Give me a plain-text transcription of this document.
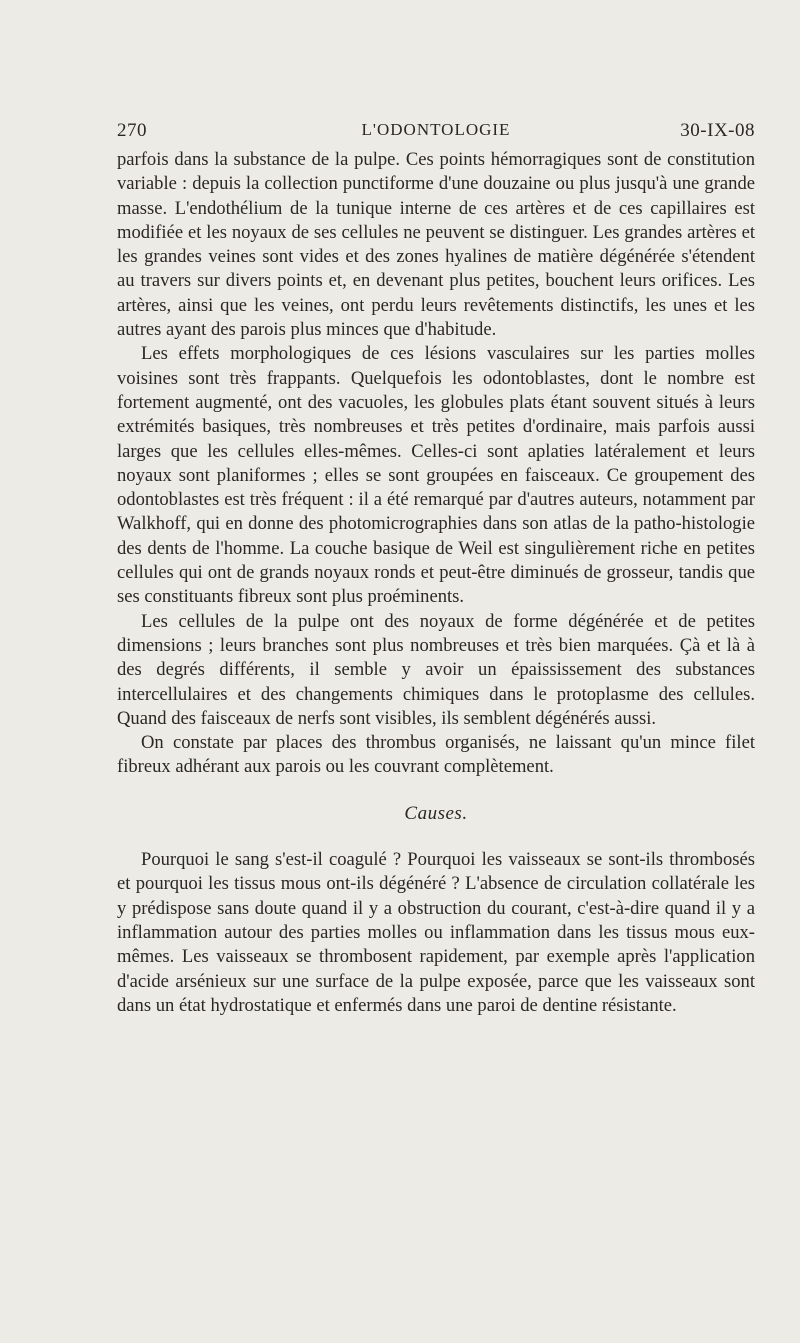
270	L'ODONTOLOGIE	30-IX-08

parfois dans la substance de la pulpe. Ces points hémorragiques sont de constitution variable : depuis la collection punctiforme d'une douzaine ou plus jusqu'à une grande masse. L'endothélium de la tunique interne de ces artères et de ces capillaires est modifiée et les noyaux de ses cellules ne peuvent se distinguer. Les grandes artères et les grandes veines sont vides et des zones hyalines de matière dégénérée s'étendent au travers sur divers points et, en devenant plus petites, bouchent leurs orifices. Les artères, ainsi que les veines, ont perdu leurs revêtements distinctifs, les unes et les autres ayant des parois plus minces que d'habitude.

Les effets morphologiques de ces lésions vasculaires sur les parties molles voisines sont très frappants. Quelquefois les odontoblastes, dont le nombre est fortement augmenté, ont des vacuoles, les globules plats étant souvent situés à leurs extrémités basiques, très nombreuses et très petites d'ordinaire, mais parfois aussi larges que les cellules elles-mêmes. Celles-ci sont aplaties latéralement et leurs noyaux sont planiformes ; elles se sont groupées en faisceaux. Ce groupement des odontoblastes est très fréquent : il a été remarqué par d'autres auteurs, notamment par Walkhoff, qui en donne des photomicrographies dans son atlas de la patho-histologie des dents de l'homme. La couche basique de Weil est singulièrement riche en petites cellules qui ont de grands noyaux ronds et peut-être diminués de grosseur, tandis que ses constituants fibreux sont plus proéminents.

Les cellules de la pulpe ont des noyaux de forme dégénérée et de petites dimensions ; leurs branches sont plus nombreuses et très bien marquées. Çà et là à des degrés différents, il semble y avoir un épaississement des substances intercellulaires et des changements chimiques dans le protoplasme des cellules. Quand des faisceaux de nerfs sont visibles, ils semblent dégénérés aussi.

On constate par places des thrombus organisés, ne laissant qu'un mince filet fibreux adhérant aux parois ou les couvrant complètement.

Causes.

Pourquoi le sang s'est-il coagulé ? Pourquoi les vaisseaux se sont-ils thrombosés et pourquoi les tissus mous ont-ils dégénéré ? L'absence de circulation collatérale les y prédispose sans doute quand il y a obstruction du courant, c'est-à-dire quand il y a inflammation autour des parties molles ou inflammation dans les tissus mous eux-mêmes. Les vaisseaux se thrombosent rapidement, par exemple après l'application d'acide arsénieux sur une surface de la pulpe exposée, parce que les vaisseaux sont dans un état hydrostatique et enfermés dans une paroi de dentine résistante.
